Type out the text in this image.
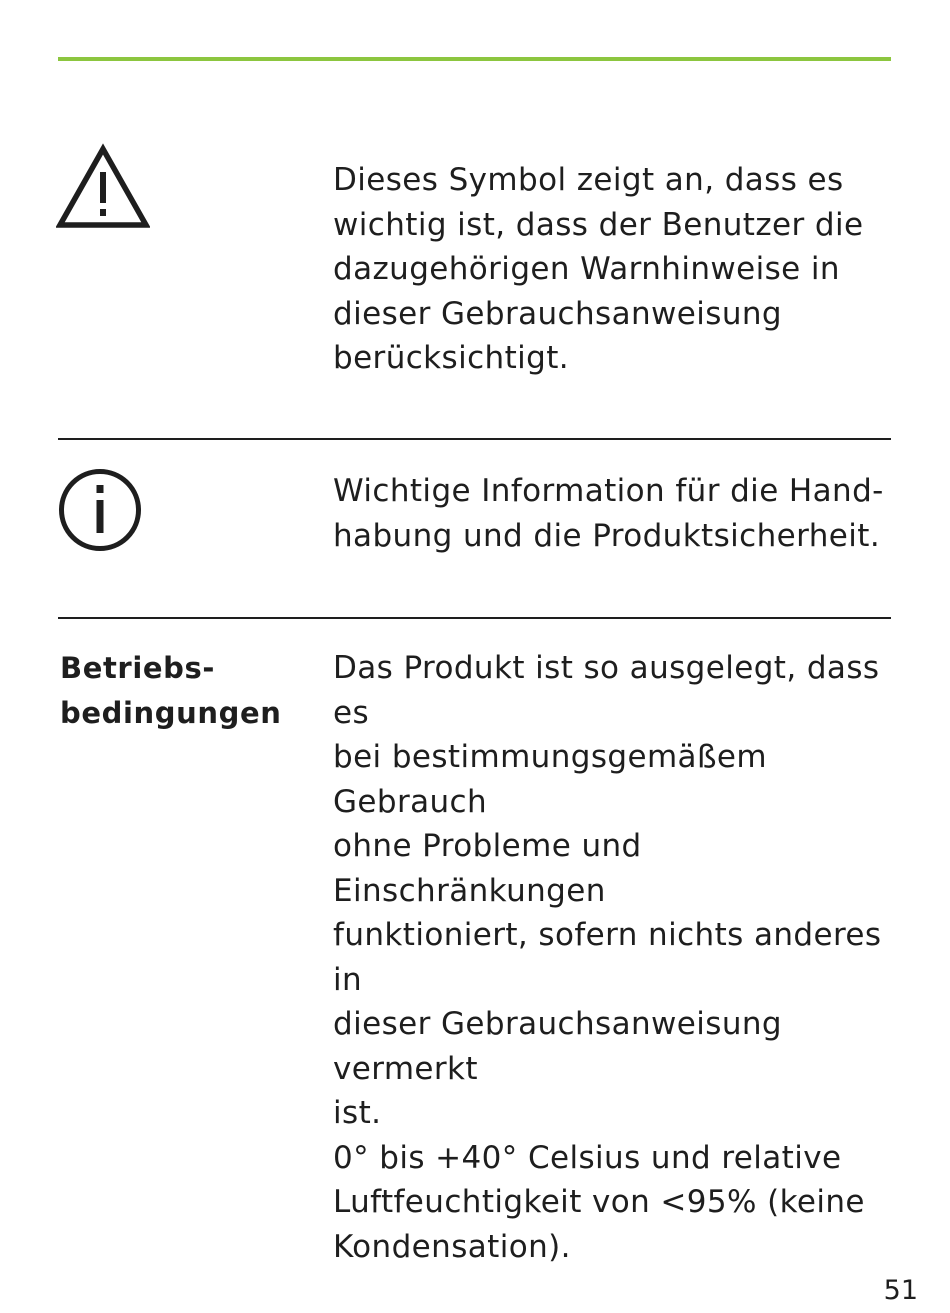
Dieses Symbol zeigt an, dass es
wichtig ist, dass der Benutzer die
dazugehörigen Warnhinweise in
dieser Gebrauchsanweisung
berücksichtigt.

Wichtige Information für die Hand-
habung und die Produktsicherheit.

Betriebs-
bedingungen

Das Produkt ist so ausgelegt, dass es
bei bestimmungsgemäßem Gebrauch
ohne Probleme und Einschränkungen
funktioniert, sofern nichts anderes in
dieser Gebrauchsanweisung vermerkt
ist.
0° bis +40° Celsius und relative
Luftfeuchtigkeit von <95% (keine
Kondensation).

51
